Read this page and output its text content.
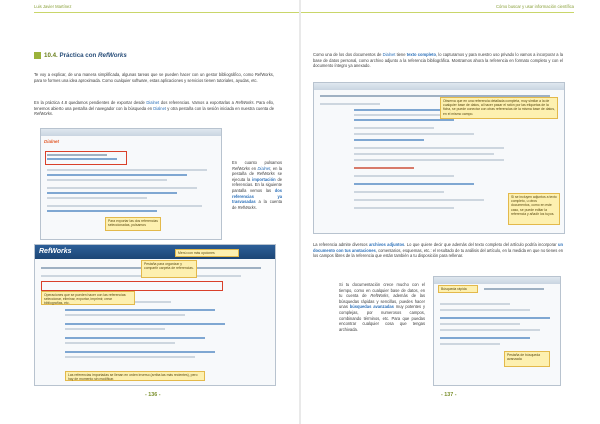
Luis Javier Martínez
10.4. Práctica con RefWorks

Te voy a explicar, de una manera simplificada, algunas tareas que se pueden hacer con un gestor bibliográfico, como RefWorks, para te formes una idea aproximada. Como cualquier software, estas aplicaciones y servicios tienen tutoriales, ayudas, etc.

En la práctica 4.8 quedamos pendientes de exportar desde Dialnet dos referencias. Vamos a exportarlas a RefWorks. Para ello, tenemos abierto una pestaña del navegador con la búsqueda en Dialnet y otra pestaña con la sesión iniciada en nuestra cuenta de RefWorks.

Dialnet
Para exportar las dos referencias seleccionadas, pulsamos
En cuanto pulsamos RefWorks en Dialnet, en la pestaña de RefWorks se ejecuta la importación de referencias. En la siguiente pantalla vemos las dos referencias ya trasvasadas a la cuenta de RefWorks.
RefWorks	Menú con más opciones
Pestaña para organizar y compartir carpeta de referencias.
Operaciones que se pueden hacer con las referencias: seleccionar, eliminar, exportar, imprimir, crear bibliografías, etc.
Las referencias importadas se llenan en orden inverso (arriba las más recientes), pero hay de momento sin modificar.
- 136 -
Cómo buscar y usar información científica

Como una de los dos documentos de Dialnet tiene texto completo, lo capturamos y para nuestro uso privado lo vamos a incorporar a la base de datos personal, como archivo adjunto a la referencia bibliográfica. Mostramos ahora la referencia en formato completo y con el documento íntegro ya anexado.

Observa que en una referencia detallada completa, muy similar a la de cualquier base de datos, al hacer pasar el ratón por las etiquetas de la ficha, se puede conectar con otras referencias de la misma base de datos, en el mismo campo.
Si se incluyen adjuntos a texto completo, u otros documentos, como en este caso, se puede editar la referencia y añadir los tuyos.

La referencia admite diversos archivos adjuntos. Lo que quiere decir que además del texto completo del artículo podría incorporar un documento con tus anotaciones, comentarios, esquemas, etc.: el resultado de tu análisis del artículo, en la medida en que no tienes en los campos libres de la referencia que están también a tu disposición para rellenar.

Si tu documentación crece mucho con el tiempo, como en cualquier base de datos, en tu cuenta de RefWorks, además de las búsquedas rápidas y sencillas, puedes hacer unas búsquedas avanzadas muy potentes y complejas, por numerosos campos, combinando términos, etc. Para que puedas encontrar cualquier cosa que tengas archivada.

Búsqueda rápida
Pestaña de búsqueda avanzada
- 137 -
